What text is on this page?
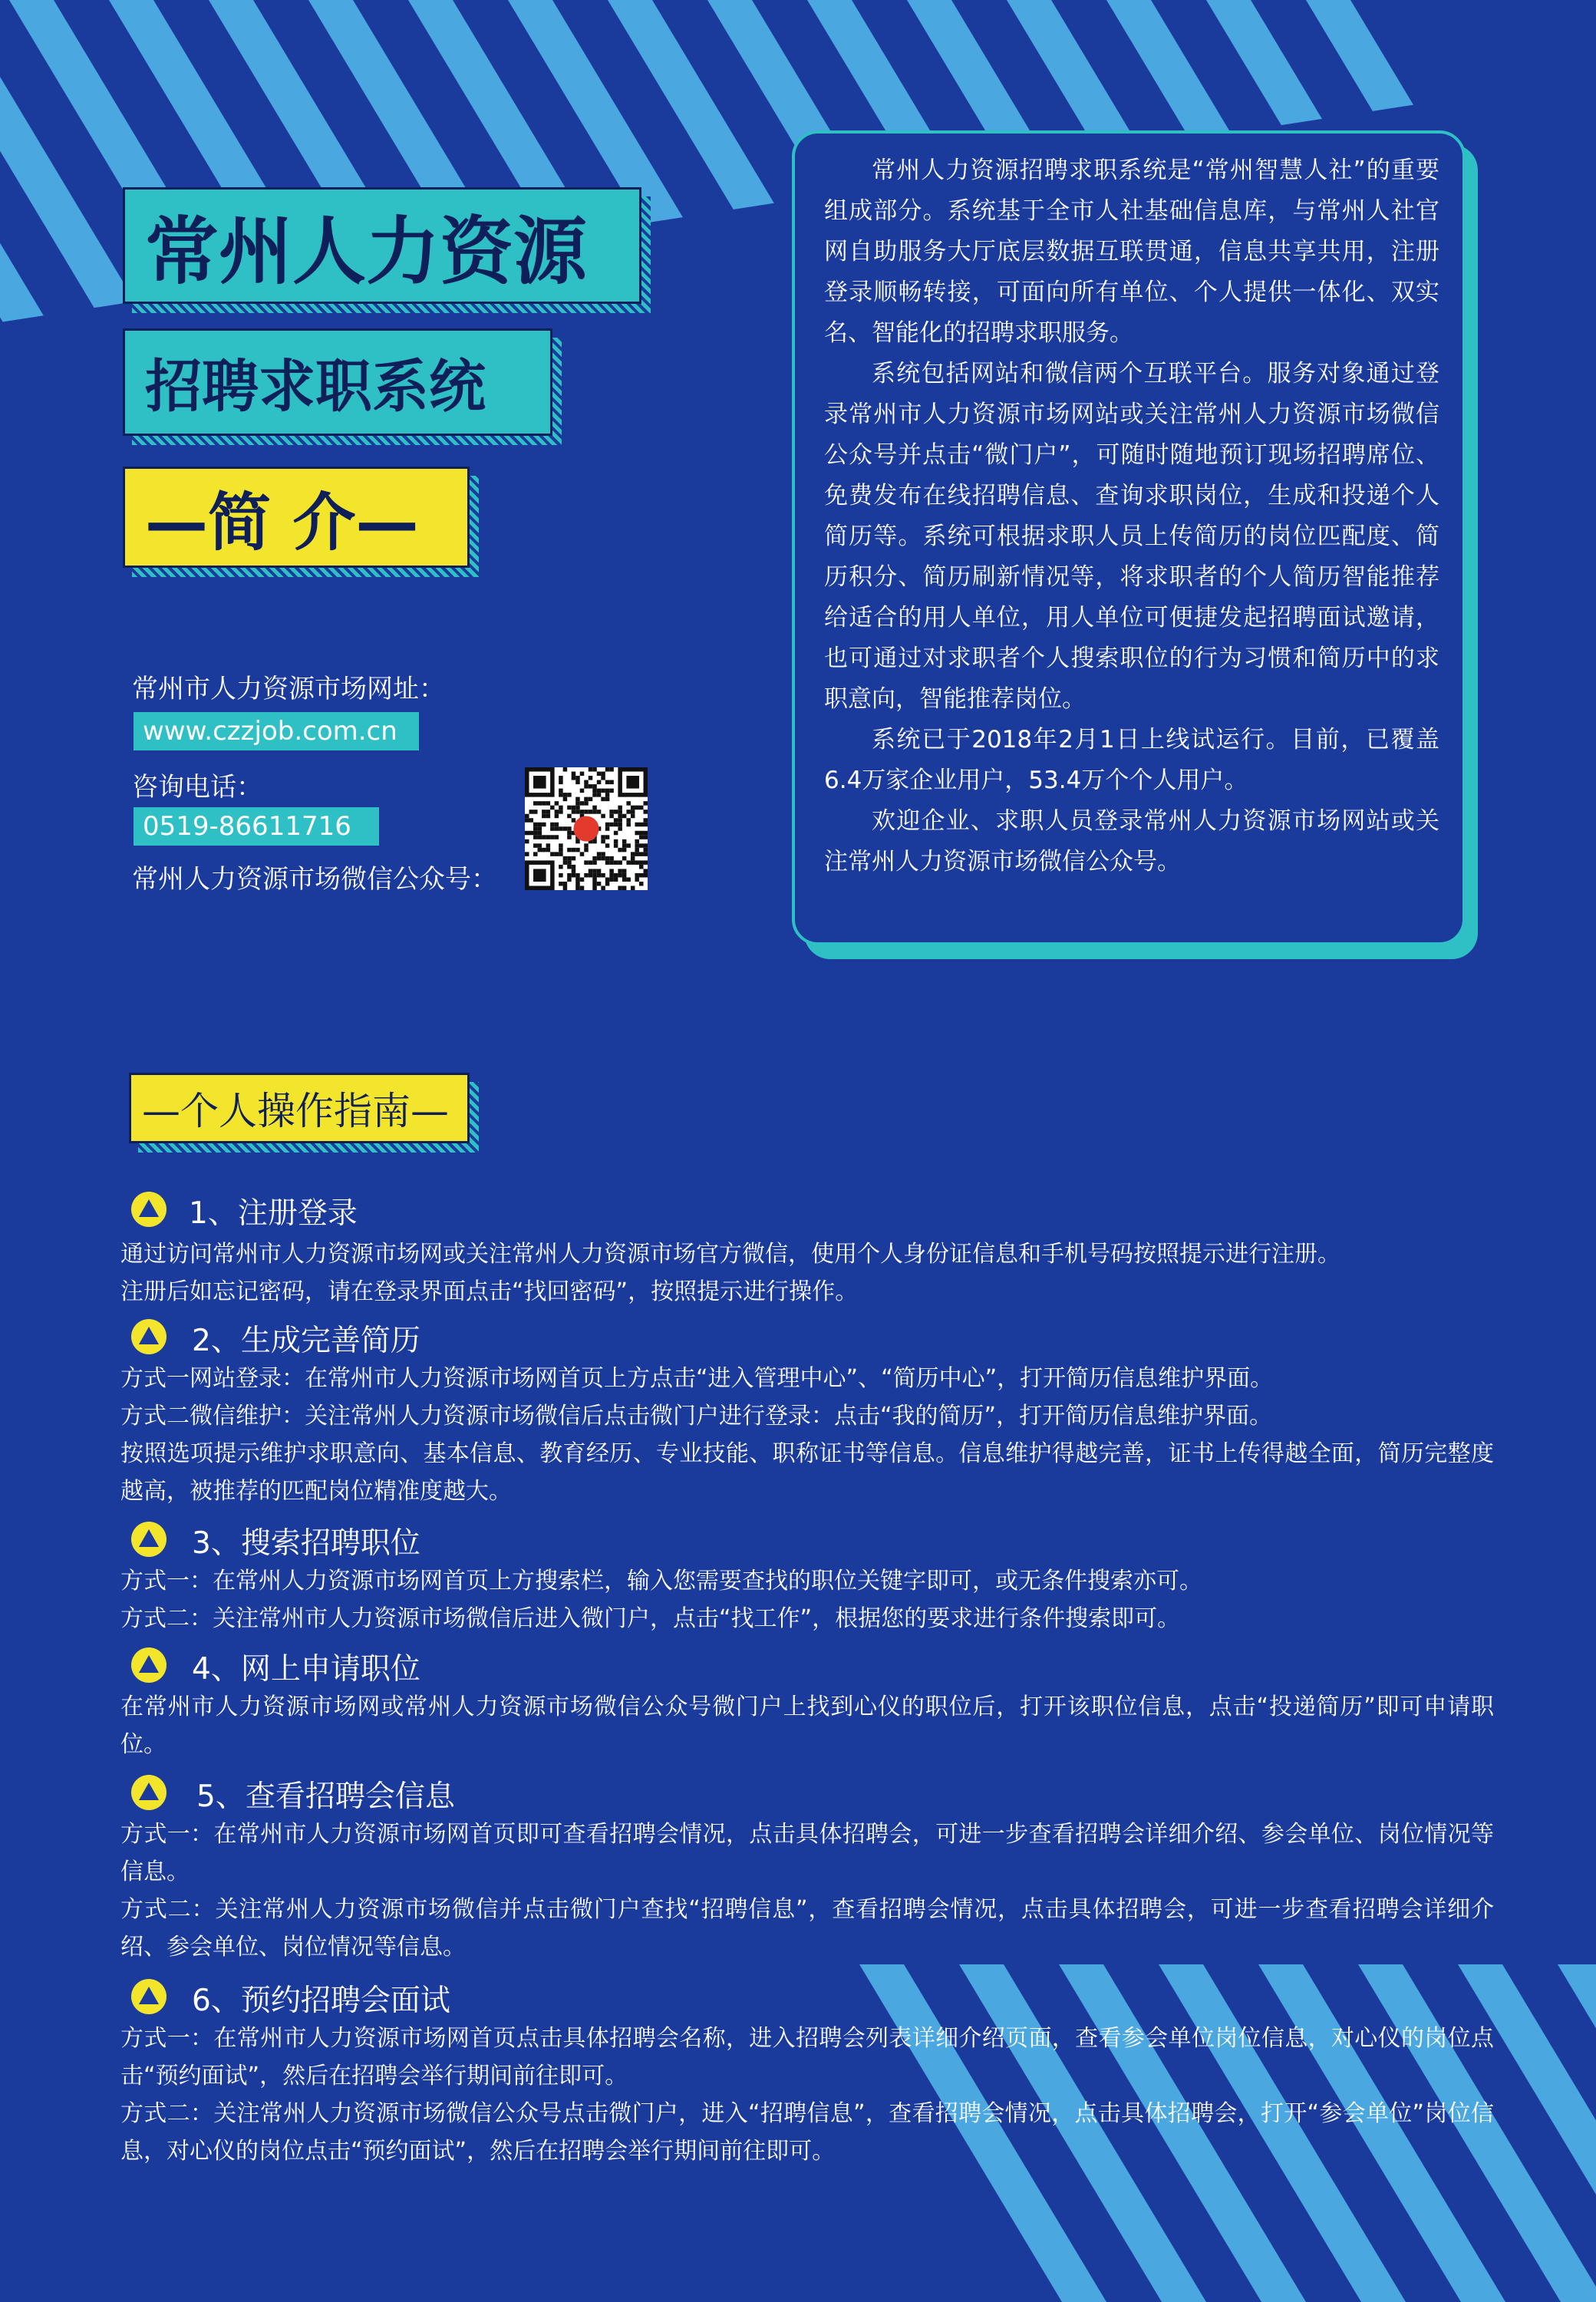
常州人力资源
招聘求职系统
—简 介—
常州市人力资源市场网址：
www.czzjob.com.cn
咨询电话：
0519-86611716
常州人力资源市场微信公众号：

常州人力资源招聘求职系统是“常州智慧人社”的重要组成部分。系统基于全市人社基础信息库，与常州人社官网自助服务大厅底层数据互联贯通，信息共享共用，注册登录顺畅转接，可面向所有单位、个人提供一体化、双实名、智能化的招聘求职服务。

系统包括网站和微信两个互联平台。服务对象通过登录常州市人力资源市场网站或关注常州人力资源市场微信公众号并点击“微门户”，可随时随地预订现场招聘席位、免费发布在线招聘信息、查询求职岗位，生成和投递个人简历等。系统可根据求职人员上传简历的岗位匹配度、简历积分、简历刷新情况等，将求职者的个人简历智能推荐给适合的用人单位，用人单位可便捷发起招聘面试邀请，也可通过对求职者个人搜索职位的行为习惯和简历中的求职意向，智能推荐岗位。

系统已于2018年2月1日上线试运行。目前，已覆盖6.4万家企业用户，53.4万个个人用户。

欢迎企业、求职人员登录常州人力资源市场网站或关注常州人力资源市场微信公众号。

—个人操作指南—
1、注册登录
通过访问常州市人力资源市场网或关注常州人力资源市场官方微信，使用个人身份证信息和手机号码按照提示进行注册。
注册后如忘记密码，请在登录界面点击“找回密码”，按照提示进行操作。
2、生成完善简历
方式一网站登录：在常州市人力资源市场网首页上方点击“进入管理中心”、“简历中心”，打开简历信息维护界面。
方式二微信维护：关注常州人力资源市场微信后点击微门户进行登录：点击“我的简历”，打开简历信息维护界面。
按照选项提示维护求职意向、基本信息、教育经历、专业技能、职称证书等信息。信息维护得越完善，证书上传得越全面，简历完整度越高，被推荐的匹配岗位精准度越大。
3、搜索招聘职位
方式一：在常州人力资源市场网首页上方搜索栏，输入您需要查找的职位关键字即可，或无条件搜索亦可。
方式二：关注常州市人力资源市场微信后进入微门户，点击“找工作”，根据您的要求进行条件搜索即可。
4、网上申请职位
在常州市人力资源市场网或常州人力资源市场微信公众号微门户上找到心仪的职位后，打开该职位信息，点击“投递简历”即可申请职位。
5、查看招聘会信息
方式一：在常州市人力资源市场网首页即可查看招聘会情况，点击具体招聘会，可进一步查看招聘会详细介绍、参会单位、岗位情况等信息。
方式二：关注常州人力资源市场微信并点击微门户查找“招聘信息”，查看招聘会情况，点击具体招聘会，可进一步查看招聘会详细介绍、参会单位、岗位情况等信息。
6、预约招聘会面试
方式一：在常州市人力资源市场网首页点击具体招聘会名称，进入招聘会列表详细介绍页面，查看参会单位岗位信息，对心仪的岗位点击“预约面试”，然后在招聘会举行期间前往即可。
方式二：关注常州人力资源市场微信公众号点击微门户，进入“招聘信息”，查看招聘会情况，点击具体招聘会，打开“参会单位”岗位信息，对心仪的岗位点击“预约面试”，然后在招聘会举行期间前往即可。
